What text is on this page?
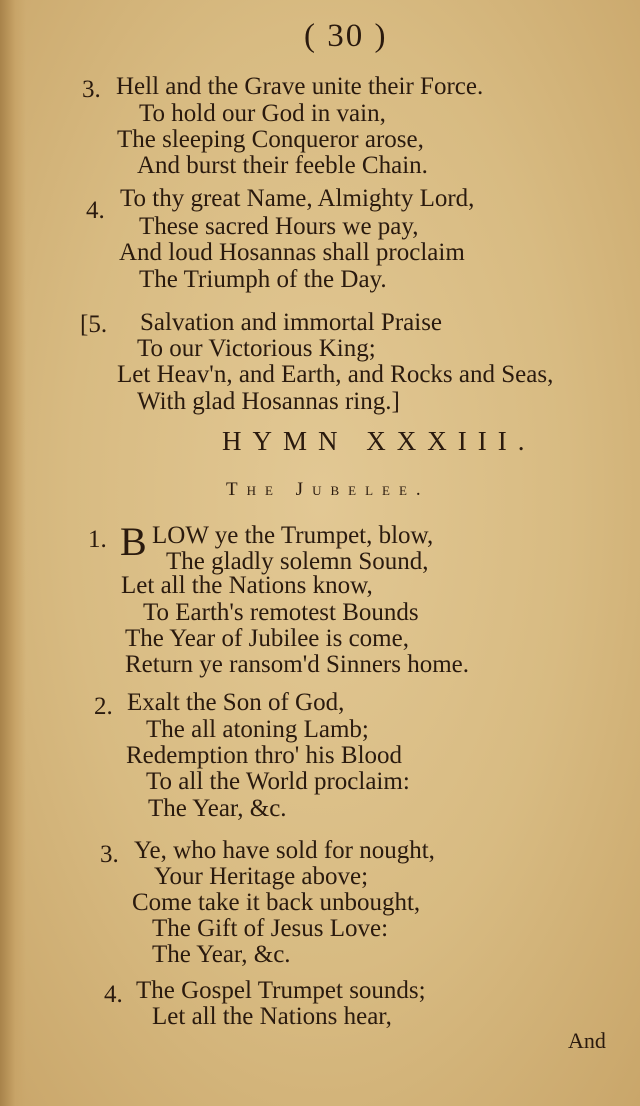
( 30 )
3. Hell and the Grave unite their Force.
To hold our God in vain,
The sleeping Conqueror arose,
And burst their feeble Chain.
4. To thy great Name, Almighty Lord,
These sacred Hours we pay,
And loud Hosannas shall proclaim
The Triumph of the Day.
[5. Salvation and immortal Praise
To our Victorious King;
Let Heav'n, and Earth, and Rocks and Seas,
With glad Hosannas ring.]
HYMN XXXIII.
The Jubelee.
1. B LOW ye the Trumpet, blow,
The gladly solemn Sound,
Let all the Nations know,
To Earth's remotest Bounds
The Year of Jubilee is come,
Return ye ransom'd Sinners home.
2. Exalt the Son of God,
The all atoning Lamb;
Redemption thro' his Blood
To all the World proclaim:
The Year, &c.
3. Ye, who have sold for nought,
Your Heritage above;
Come take it back unbought,
The Gift of Jesus Love:
The Year, &c.
4. The Gospel Trumpet sounds;
Let all the Nations hear,
And
